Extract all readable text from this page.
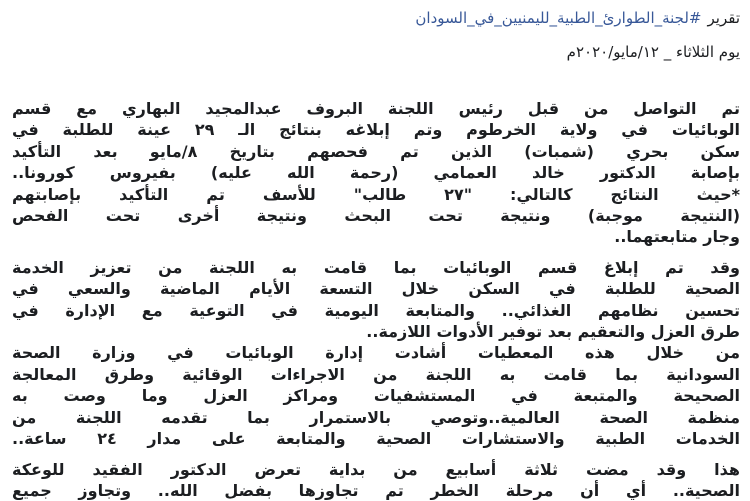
تقرير#لجنة_الطوارئ_الطبية_لليمنيين_في_السودان
يوم الثلاثاء _ ١٢/مايو/٢٠٢٠م
تم التواصل من قبل رئيس اللجنة البروف عبدالمجيد البهاري مع قسم
الوبائيات في ولاية الخرطوم وتم إبلاغه بنتائج الـ ٢٩ عينة للطلبة في
سكن بحري (شمبات) الذين تم فحصهم بتاريخ ٨/مايو بعد التأكيد
بإصابة الدكتور خالد العمامي (رحمة الله عليه) بفيروس كورونا..
*حيث النتائج كالتالي: "٢٧ طالب" للأسف تم التأكيد بإصابتهم
(النتيجة موجبة) ونتيجة تحت البحث ونتيجة أخرى تحت الفحص
وجار متابعتهما..
وقد تم إبلاغ قسم الوبائيات بما قامت به اللجنة من تعزيز الخدمة
الصحية للطلبة في السكن خلال التسعة الأيام الماضية والسعي في
تحسين نظامهم الغذائي.. والمتابعة اليومية في التوعية مع الإدارة في
طرق العزل والتعقيم بعد توفير الأدوات اللازمة..
من خلال هذه المعطيات أشادت إدارة الوبائيات في وزارة الصحة
السودانية بما قامت به اللجنة من الاجراءات الوقائية وطرق المعالجة
الصحيحة والمتبعة في المستشفيات ومراكز العزل وما وصت به
منظمة الصحة العالمية..وتوصي بالاستمرار بما تقدمه اللجنة من
الخدمات الطبية والاستشارات الصحية والمتابعة على مدار ٢٤ ساعة..
هذا وقد مضت ثلاثة أسابيع من بداية تعرض الدكتور الفقيد للوعكة
الصحية.. أي أن مرحلة الخطر تم تجاوزها بفضل الله.. وتجاوز جميع
